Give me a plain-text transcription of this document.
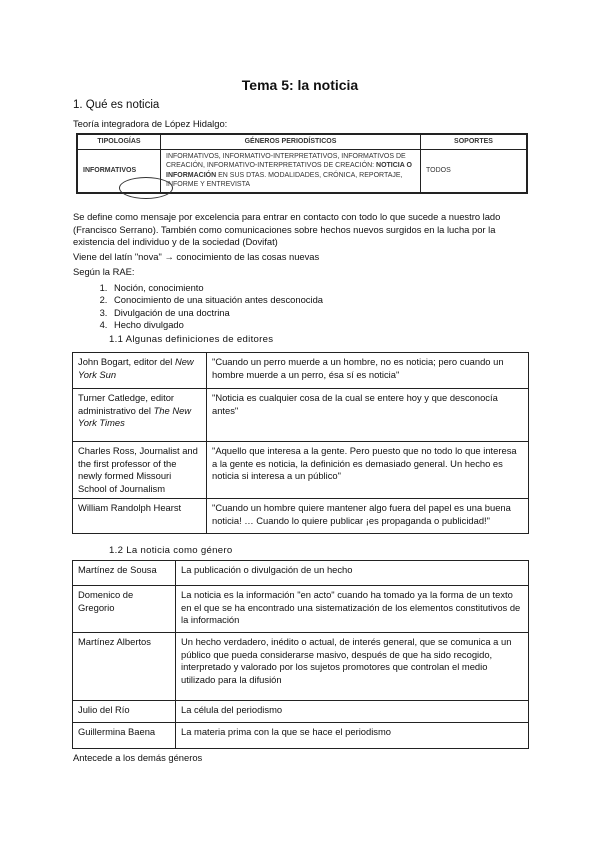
Tema 5: la noticia
1. Qué es noticia
Teoría integradora de López Hidalgo:
TIPOLOGÍAS	GÉNEROS PERIODÍSTICOS	SOPORTES
INFORMATIVOS	INFORMATIVOS, INFORMATIVO-INTERPRETATIVOS, INFORMATIVOS DE CREACIÓN, INFORMATIVO-INTERPRETATIVOS DE CREACIÓN: NOTICIA O INFORMACIÓN EN SUS DTAS. MODALIDADES, CRÓNICA, REPORTAJE, INFORME Y ENTREVISTA	TODOS

Se define como mensaje por excelencia para entrar en contacto con todo lo que sucede a nuestro lado (Francisco Serrano). También como comunicaciones sobre hechos nuevos surgidos en la lucha por la existencia del individuo y de la sociedad (Dovifat)

Viene del latín "nova" → conocimiento de las cosas nuevas

Según la RAE:

1. Noción, conocimiento
2. Conocimiento de una situación antes desconocida
3. Divulgación de una doctrina
4. Hecho divulgado
1.1 Algunas definiciones de editores
John Bogart, editor del New York Sun	"Cuando un perro muerde a un hombre, no es noticia; pero cuando un hombre muerde a un perro, ésa sí es noticia"
Turner Catledge, editor administrativo del The New York Times	"Noticia es cualquier cosa de la cual se entere hoy y que desconocía antes"
Charles Ross, Journalist and the first professor of the newly formed Missouri School of Journalism	"Aquello que interesa a la gente. Pero puesto que no todo lo que interesa a la gente es noticia, la definición es demasiado general. Un hecho es noticia si interesa a un público"
William Randolph Hearst	"Cuando un hombre quiere mantener algo fuera del papel es una buena noticia! … Cuando lo quiere publicar ¡es propaganda o publicidad!"
1.2 La noticia como género
Martínez de Sousa	La publicación o divulgación de un hecho
Domenico de Gregorio	La noticia es la información "en acto" cuando ha tomado ya la forma de un texto en el que se ha encontrado una sistematización de los elementos constitutivos de la información
Martínez Albertos	Un hecho verdadero, inédito o actual, de interés general, que se comunica a un público que pueda considerarse masivo, después de que ha sido recogido, interpretado y valorado por los sujetos promotores que controlan el medio utilizado para la difusión
Julio del Río	La célula del periodismo
Guillermina Baena	La materia prima con la que se hace el periodismo

Antecede a los demás géneros
